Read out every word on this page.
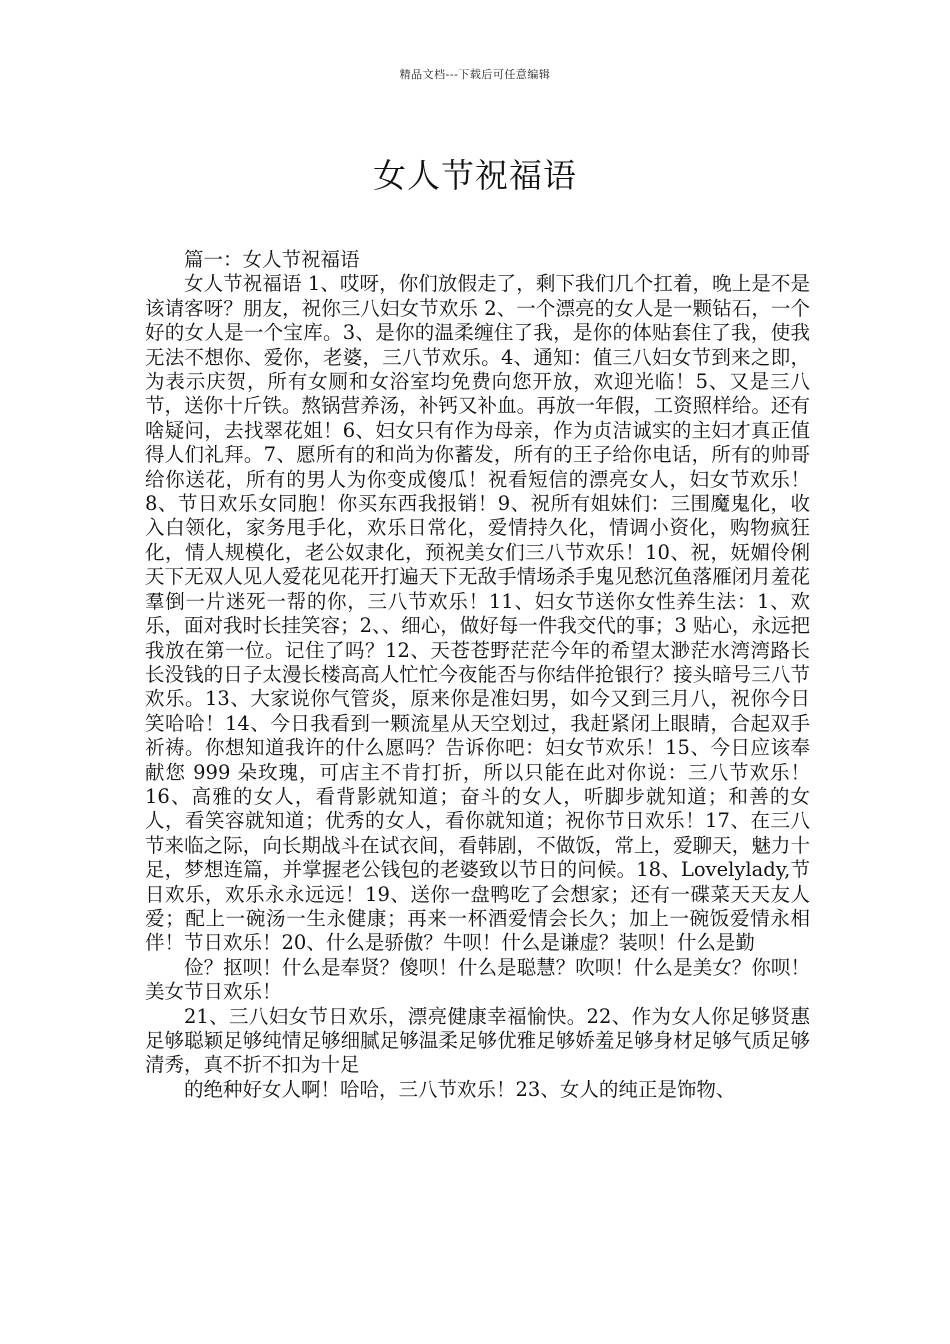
精品文档---下载后可任意编辑
女人节祝福语

篇一：女人节祝福语

女人节祝福语 1、哎呀，你们放假走了，剩下我们几个扛着，晚上是不是该请客呀？朋友，祝你三八妇女节欢乐 2、一个漂亮的女人是一颗钻石，一个好的女人是一个宝库。3、是你的温柔缠住了我，是你的体贴套住了我，使我无法不想你、爱你，老婆，三八节欢乐。4、通知：值三八妇女节到来之即，为表示庆贺，所有女厕和女浴室均免费向您开放，欢迎光临！5、又是三八节，送你十斤铁。熬锅营养汤，补钙又补血。再放一年假，工资照样给。还有啥疑问，去找翠花姐！6、妇女只有作为母亲，作为贞洁诚实的主妇才真正值得人们礼拜。7、愿所有的和尚为你蓄发，所有的王子给你电话，所有的帅哥给你送花，所有的男人为你变成傻瓜！祝看短信的漂亮女人，妇女节欢乐！8、节日欢乐女同胞！你买东西我报销！9、祝所有姐妹们：三围魔鬼化，收入白领化，家务甩手化，欢乐日常化，爱情持久化，情调小资化，购物疯狂化，情人规模化，老公奴隶化，预祝美女们三八节欢乐！10、祝，妩媚伶俐天下无双人见人爱花见花开打遍天下无敌手情场杀手鬼见愁沉鱼落雁闭月羞花羣倒一片迷死一帮的你，三八节欢乐！11、妇女节送你女性养生法：1、欢乐，面对我时长挂笑容；2、、细心，做好每一件我交代的事；3 贴心，永远把我放在第一位。记住了吗？12、天苍苍野茫茫今年的希望太渺茫水湾湾路长长没钱的日子太漫长楼高高人忙忙今夜能否与你结伴抢银行？接头暗号三八节欢乐。13、大家说你气管炎，原来你是准妇男，如今又到三月八，祝你今日笑哈哈！14、今日我看到一颗流星从天空划过，我赶紧闭上眼睛，合起双手祈祷。你想知道我许的什么愿吗？告诉你吧：妇女节欢乐！15、今日应该奉献您 999 朵玫瑰，可店主不肯打折，所以只能在此对你说：三八节欢乐！16、高雅的女人，看背影就知道；奋斗的女人，听脚步就知道；和善的女人，看笑容就知道；优秀的女人，看你就知道；祝你节日欢乐！17、在三八节来临之际，向长期战斗在试衣间，看韩剧，不做饭，常上，爱聊天，魅力十足，梦想连篇，并掌握老公钱包的老婆致以节日的问候。18、Lovelylady,节日欢乐，欢乐永永远远！19、送你一盘鸭吃了会想家；还有一碟菜天天友人爱；配上一碗汤一生永健康；再来一杯酒爱情会长久；加上一碗饭爱情永相伴！节日欢乐！20、什么是骄傲？牛呗！什么是谦虚？装呗！什么是勤

俭？抠呗！什么是奉贤？傻呗！什么是聪慧？吹呗！什么是美女？你呗！美女节日欢乐！

21、三八妇女节日欢乐，漂亮健康幸福愉快。22、作为女人你足够贤惠足够聪颖足够纯情足够细腻足够温柔足够优雅足够娇羞足够身材足够气质足够清秀，真不折不扣为十足

的绝种好女人啊！哈哈，三八节欢乐！23、女人的纯正是饰物、
